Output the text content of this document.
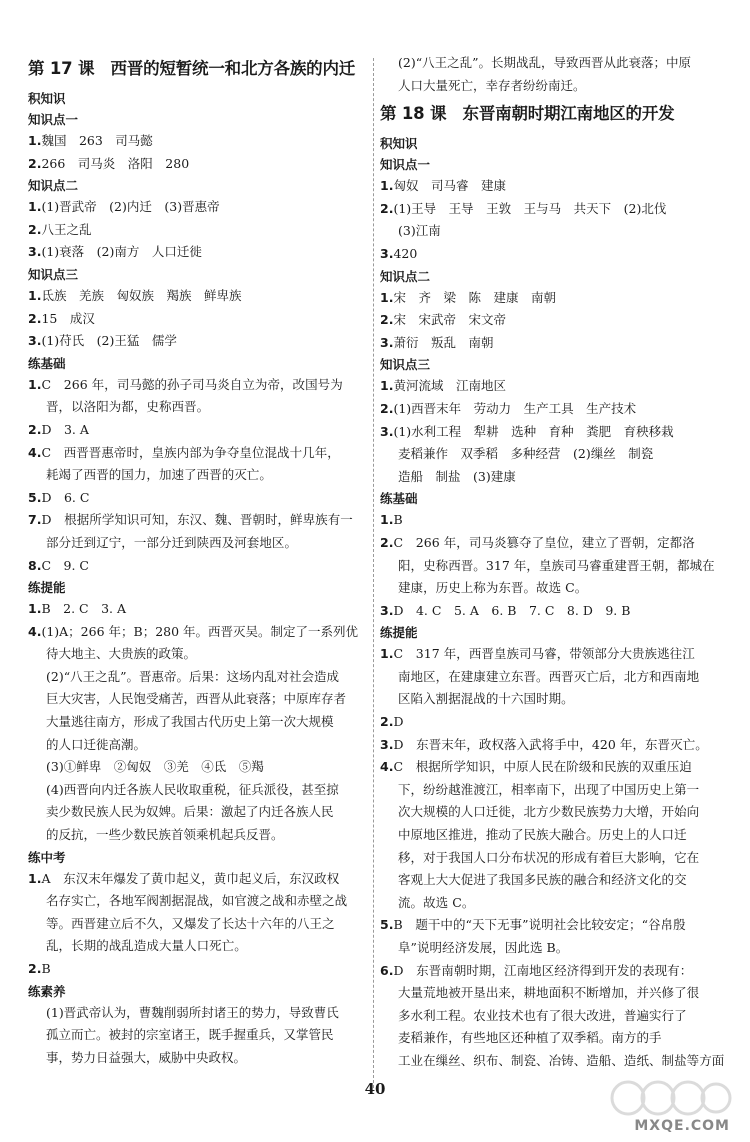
第 17 课　西晋的短暂统一和北方各族的内迁
积知识
知识点一
1.魏国　263　司马懿
2.266　司马炎　洛阳　280
知识点二
1.(1)晋武帝　(2)内迁　(3)晋惠帝
2.八王之乱
3.(1)衰落　(2)南方　人口迁徙
知识点三
1.氐族　羌族　匈奴族　羯族　鲜卑族
2.15　成汉
3.(1)苻氏　(2)王猛　儒学
练基础
1.C　266 年，司马懿的孙子司马炎自立为帝，改国号为
晋，以洛阳为都，史称西晋。
2.D　3. A
4.C　西晋晋惠帝时，皇族内部为争夺皇位混战十几年，
耗竭了西晋的国力，加速了西晋的灭亡。
5.D　6. C
7.D　根据所学知识可知，东汉、魏、晋朝时，鲜卑族有一
部分迁到辽宁，一部分迁到陕西及河套地区。
8.C　9. C
练提能
1.B　2. C　3. A
4.(1)A；266 年；B；280 年。西晋灭吴。制定了一系列优
待大地主、大贵族的政策。
(2)“八王之乱”。晋惠帝。后果：这场内乱对社会造成
巨大灾害，人民饱受痛苦，西晋从此衰落；中原库存者
大量逃往南方，形成了我国古代历史上第一次大规模
的人口迁徙高潮。
(3)①鲜卑　②匈奴　③羌　④氐　⑤羯
(4)西晋向内迁各族人民收取重税，征兵派役，甚至掠
卖少数民族人民为奴婢。后果：激起了内迁各族人民
的反抗，一些少数民族首领乘机起兵反晋。
练中考
1.A　东汉末年爆发了黄巾起义，黄巾起义后，东汉政权
名存实亡，各地军阀割据混战，如官渡之战和赤壁之战
等。西晋建立后不久，又爆发了长达十六年的八王之
乱，长期的战乱造成大量人口死亡。
2.B
练素养
(1)晋武帝认为，曹魏削弱所封诸王的势力，导致曹氏
孤立而亡。被封的宗室诸王，既手握重兵，又掌管民
事，势力日益强大，威胁中央政权。
(2)“八王之乱”。长期战乱，导致西晋从此衰落；中原
人口大量死亡，幸存者纷纷南迁。
第 18 课　东晋南朝时期江南地区的开发
积知识
知识点一
1.匈奴　司马睿　建康
2.(1)王导　王导　王敦　王与马　共天下　(2)北伐
(3)江南
3.420
知识点二
1.宋　齐　梁　陈　建康　南朝
2.宋　宋武帝　宋文帝
3.萧衍　叛乱　南朝
知识点三
1.黄河流域　江南地区
2.(1)西晋末年　劳动力　生产工具　生产技术
3.(1)水利工程　犁耕　选种　育种　粪肥　育秧移栽
麦稻兼作　双季稻　多种经营　(2)缫丝　制瓷
造船　制盐　(3)建康
练基础
1.B
2.C　266 年，司马炎篡夺了皇位，建立了晋朝，定都洛
阳，史称西晋。317 年，皇族司马睿重建晋王朝，都城在
建康，历史上称为东晋。故选 C。
3.D　4. C　5. A　6. B　7. C　8. D　9. B
练提能
1.C　317 年，西晋皇族司马睿，带领部分大贵族逃往江
南地区，在建康建立东晋。西晋灭亡后，北方和西南地
区陷入割据混战的十六国时期。
2.D
3.D　东晋末年，政权落入武将手中，420 年，东晋灭亡。
4.C　根据所学知识，中原人民在阶级和民族的双重压迫
下，纷纷越淮渡江，相率南下，出现了中国历史上第一
次大规模的人口迁徙，北方少数民族势力大增，开始向
中原地区推进，推动了民族大融合。历史上的人口迁
移，对于我国人口分布状况的形成有着巨大影响，它在
客观上大大促进了我国多民族的融合和经济文化的交
流。故选 C。
5.B　题干中的“天下无事”说明社会比较安定；“谷帛殷
阜”说明经济发展，因此选 B。
6.D　东晋南朝时期，江南地区经济得到开发的表现有：
大量荒地被开垦出来，耕地面积不断增加，并兴修了很
多水利工程。农业技术也有了很大改进，普遍实行了
麦稻兼作，有些地区还种植了双季稻。南方的手
工业在缫丝、织布、制瓷、冶铸、造船、造纸、制盐等方面
40
MXQE.COM
